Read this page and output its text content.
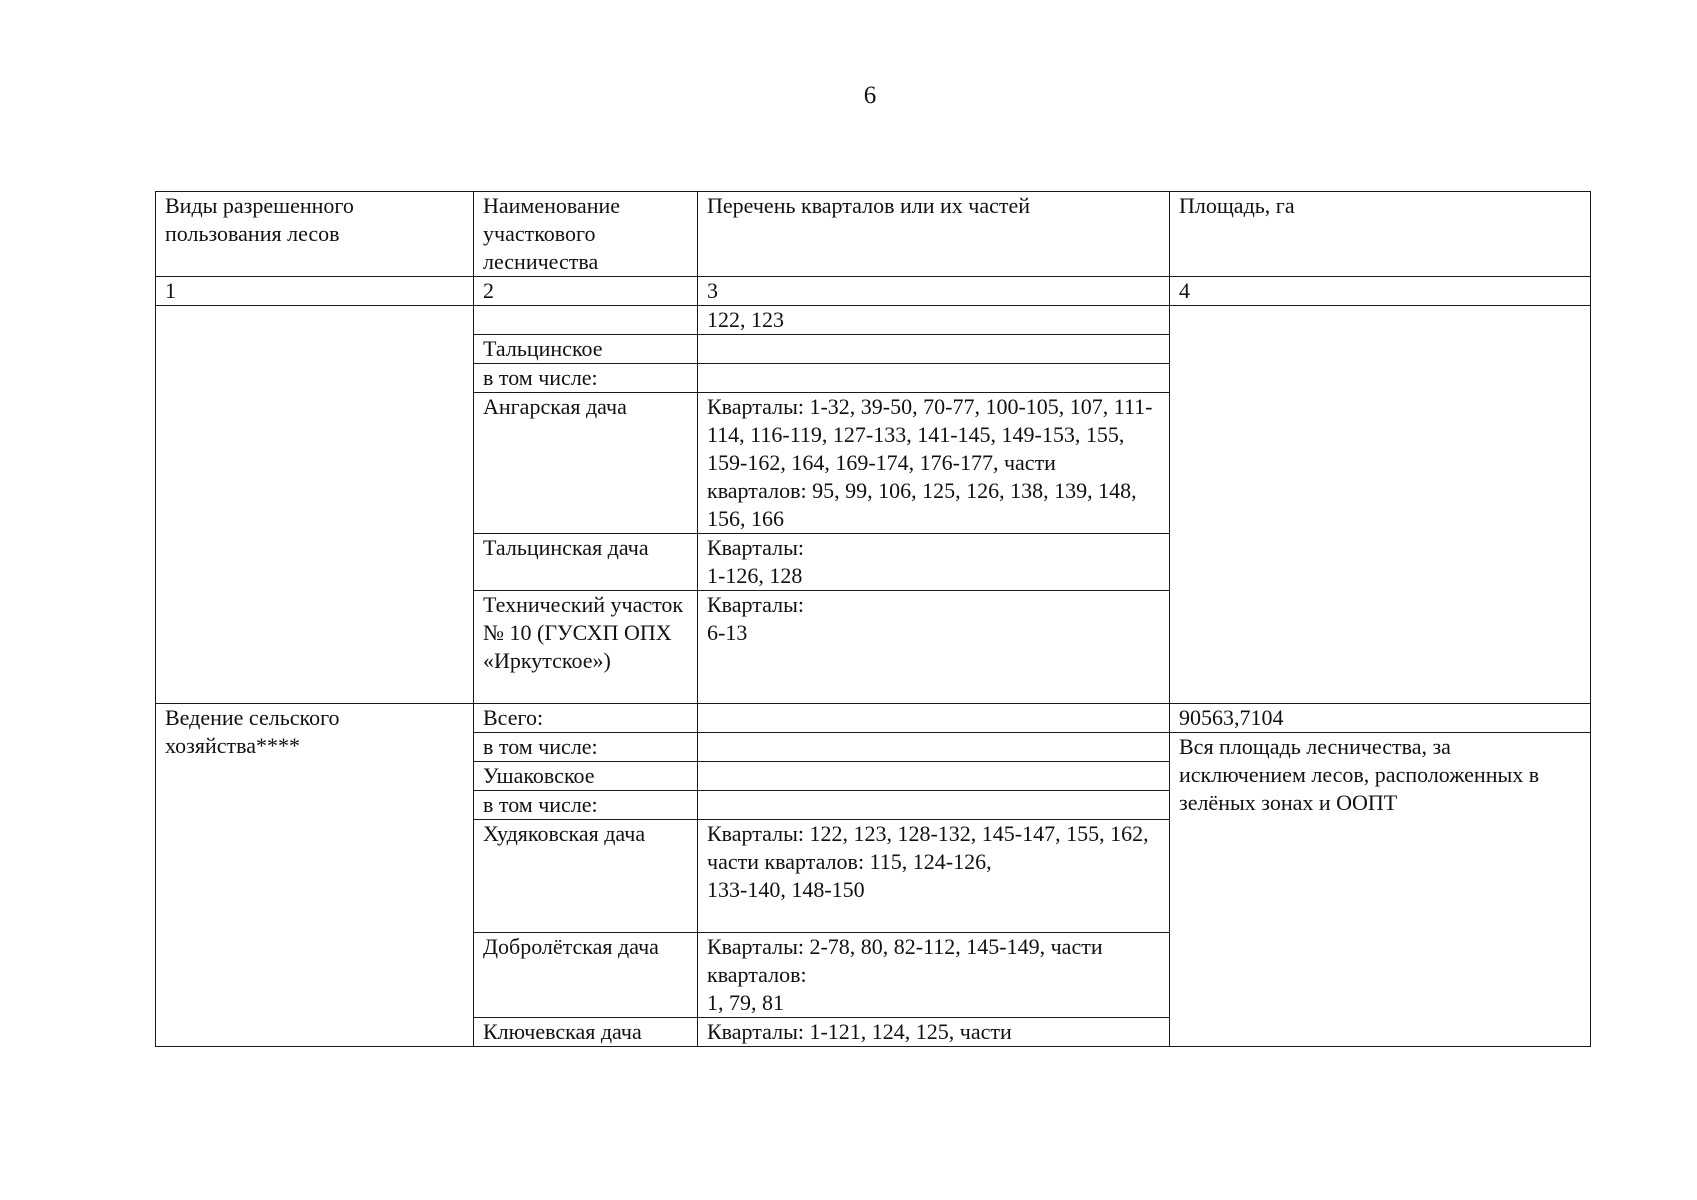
6
Виды разрешенного пользования лесов	Наименование участкового лесничества	Перечень кварталов или их частей	Площадь, га
1	2	3	4
		122, 123	
	Тальцинское		
	в том числе:		
	Ангарская дача	Кварталы: 1-32, 39-50, 70-77, 100-105, 107, 111-114, 116-119, 127-133, 141-145, 149-153, 155, 159-162, 164, 169-174, 176-177, части кварталов: 95, 99, 106, 125, 126, 138, 139, 148, 156, 166	
	Тальцинская дача	Кварталы:
1-126, 128	
	Технический участок № 10 (ГУСХП ОПХ «Иркутское»)	Кварталы:
6-13	
Ведение сельского хозяйства****	Всего:		90563,7104
	в том числе:		Вся площадь лесничества, за исключением лесов, расположенных в зелёных зонах и ООПТ
	Ушаковское		
	в том числе:		
	Худяковская дача	Кварталы: 122, 123, 128-132, 145-147, 155, 162,
части кварталов: 115, 124-126,
133-140, 148-150	
	Добролётская дача	Кварталы: 2-78, 80, 82-112, 145-149, части кварталов:
1, 79, 81	
	Ключевская дача	Кварталы: 1-121, 124, 125, части	
